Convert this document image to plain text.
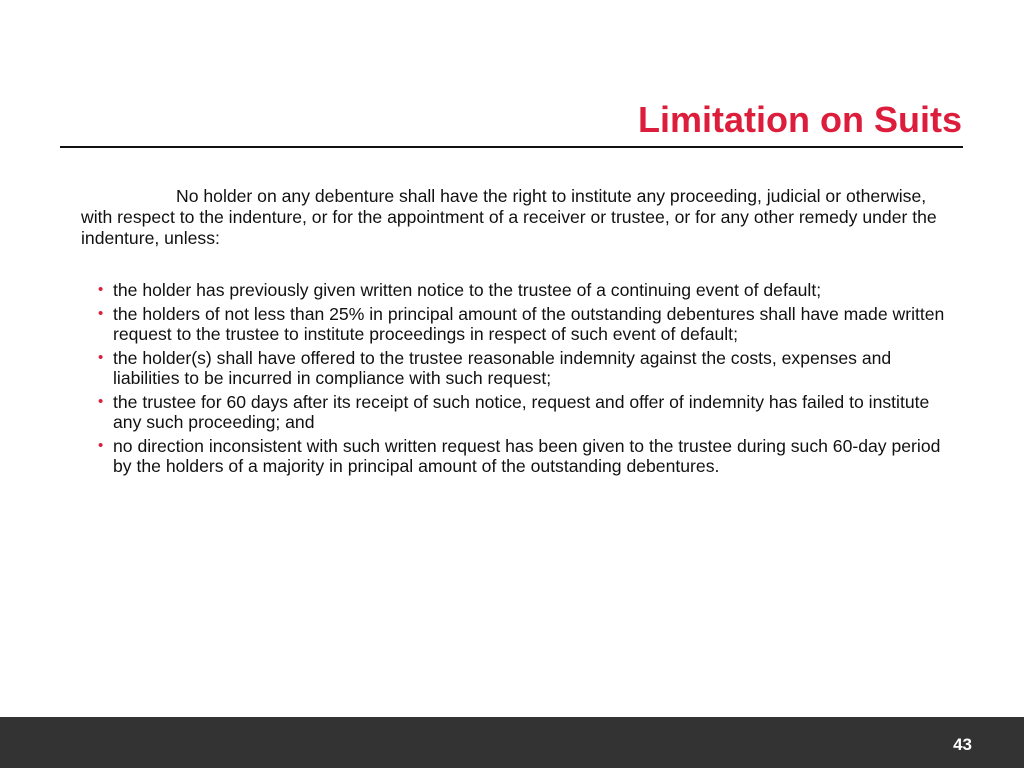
Limitation on Suits

No holder on any debenture shall have the right to institute any proceeding, judicial or otherwise, with respect to the indenture, or for the appointment of a receiver or trustee, or for any other remedy under the indenture, unless:

• the holder has previously given written notice to the trustee of a continuing event of default;
• the holders of not less than 25% in principal amount of the outstanding debentures shall have made written request to the trustee to institute proceedings in respect of such event of default;
• the holder(s) shall have offered to the trustee reasonable indemnity against the costs, expenses and liabilities to be incurred in compliance with such request;
• the trustee for 60 days after its receipt of such notice, request and offer of indemnity has failed to institute any such proceeding; and
• no direction inconsistent with such written request has been given to the trustee during such 60-day period by the holders of a majority in principal amount of the outstanding debentures.
43
